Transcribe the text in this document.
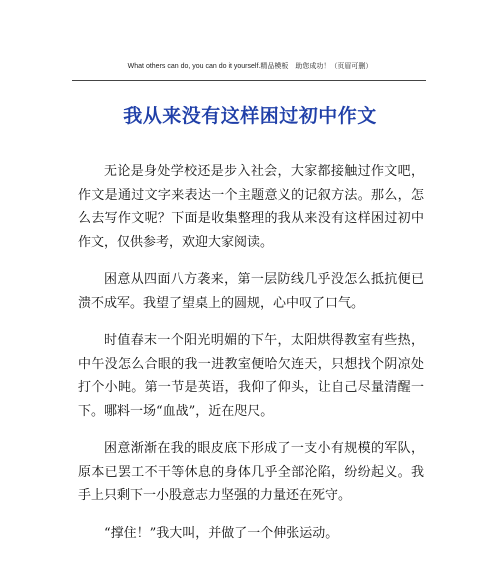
What others can do, you can do it yourself.精品模板　助您成功！（页眉可删）
我从来没有这样困过初中作文

无论是身处学校还是步入社会，大家都接触过作文吧，作文是通过文字来表达一个主题意义的记叙方法。那么，怎么去写作文呢？下面是收集整理的我从来没有这样困过初中作文，仅供参考，欢迎大家阅读。

困意从四面八方袭来，第一层防线几乎没怎么抵抗便已溃不成军。我望了望桌上的圆规，心中叹了口气。

时值春末一个阳光明媚的下午，太阳烘得教室有些热，中午没怎么合眼的我一进教室便哈欠连天，只想找个阴凉处打个小盹。第一节是英语，我仰了仰头，让自己尽量清醒一下。哪料一场“血战”，近在咫尺。

困意渐渐在我的眼皮底下形成了一支小有规模的军队，原本已罢工不干等休息的身体几乎全部沦陷，纷纷起义。我手上只剩下一小股意志力坚强的力量还在死守。

“撑住！”我大叫，并做了一个伸张运动。
